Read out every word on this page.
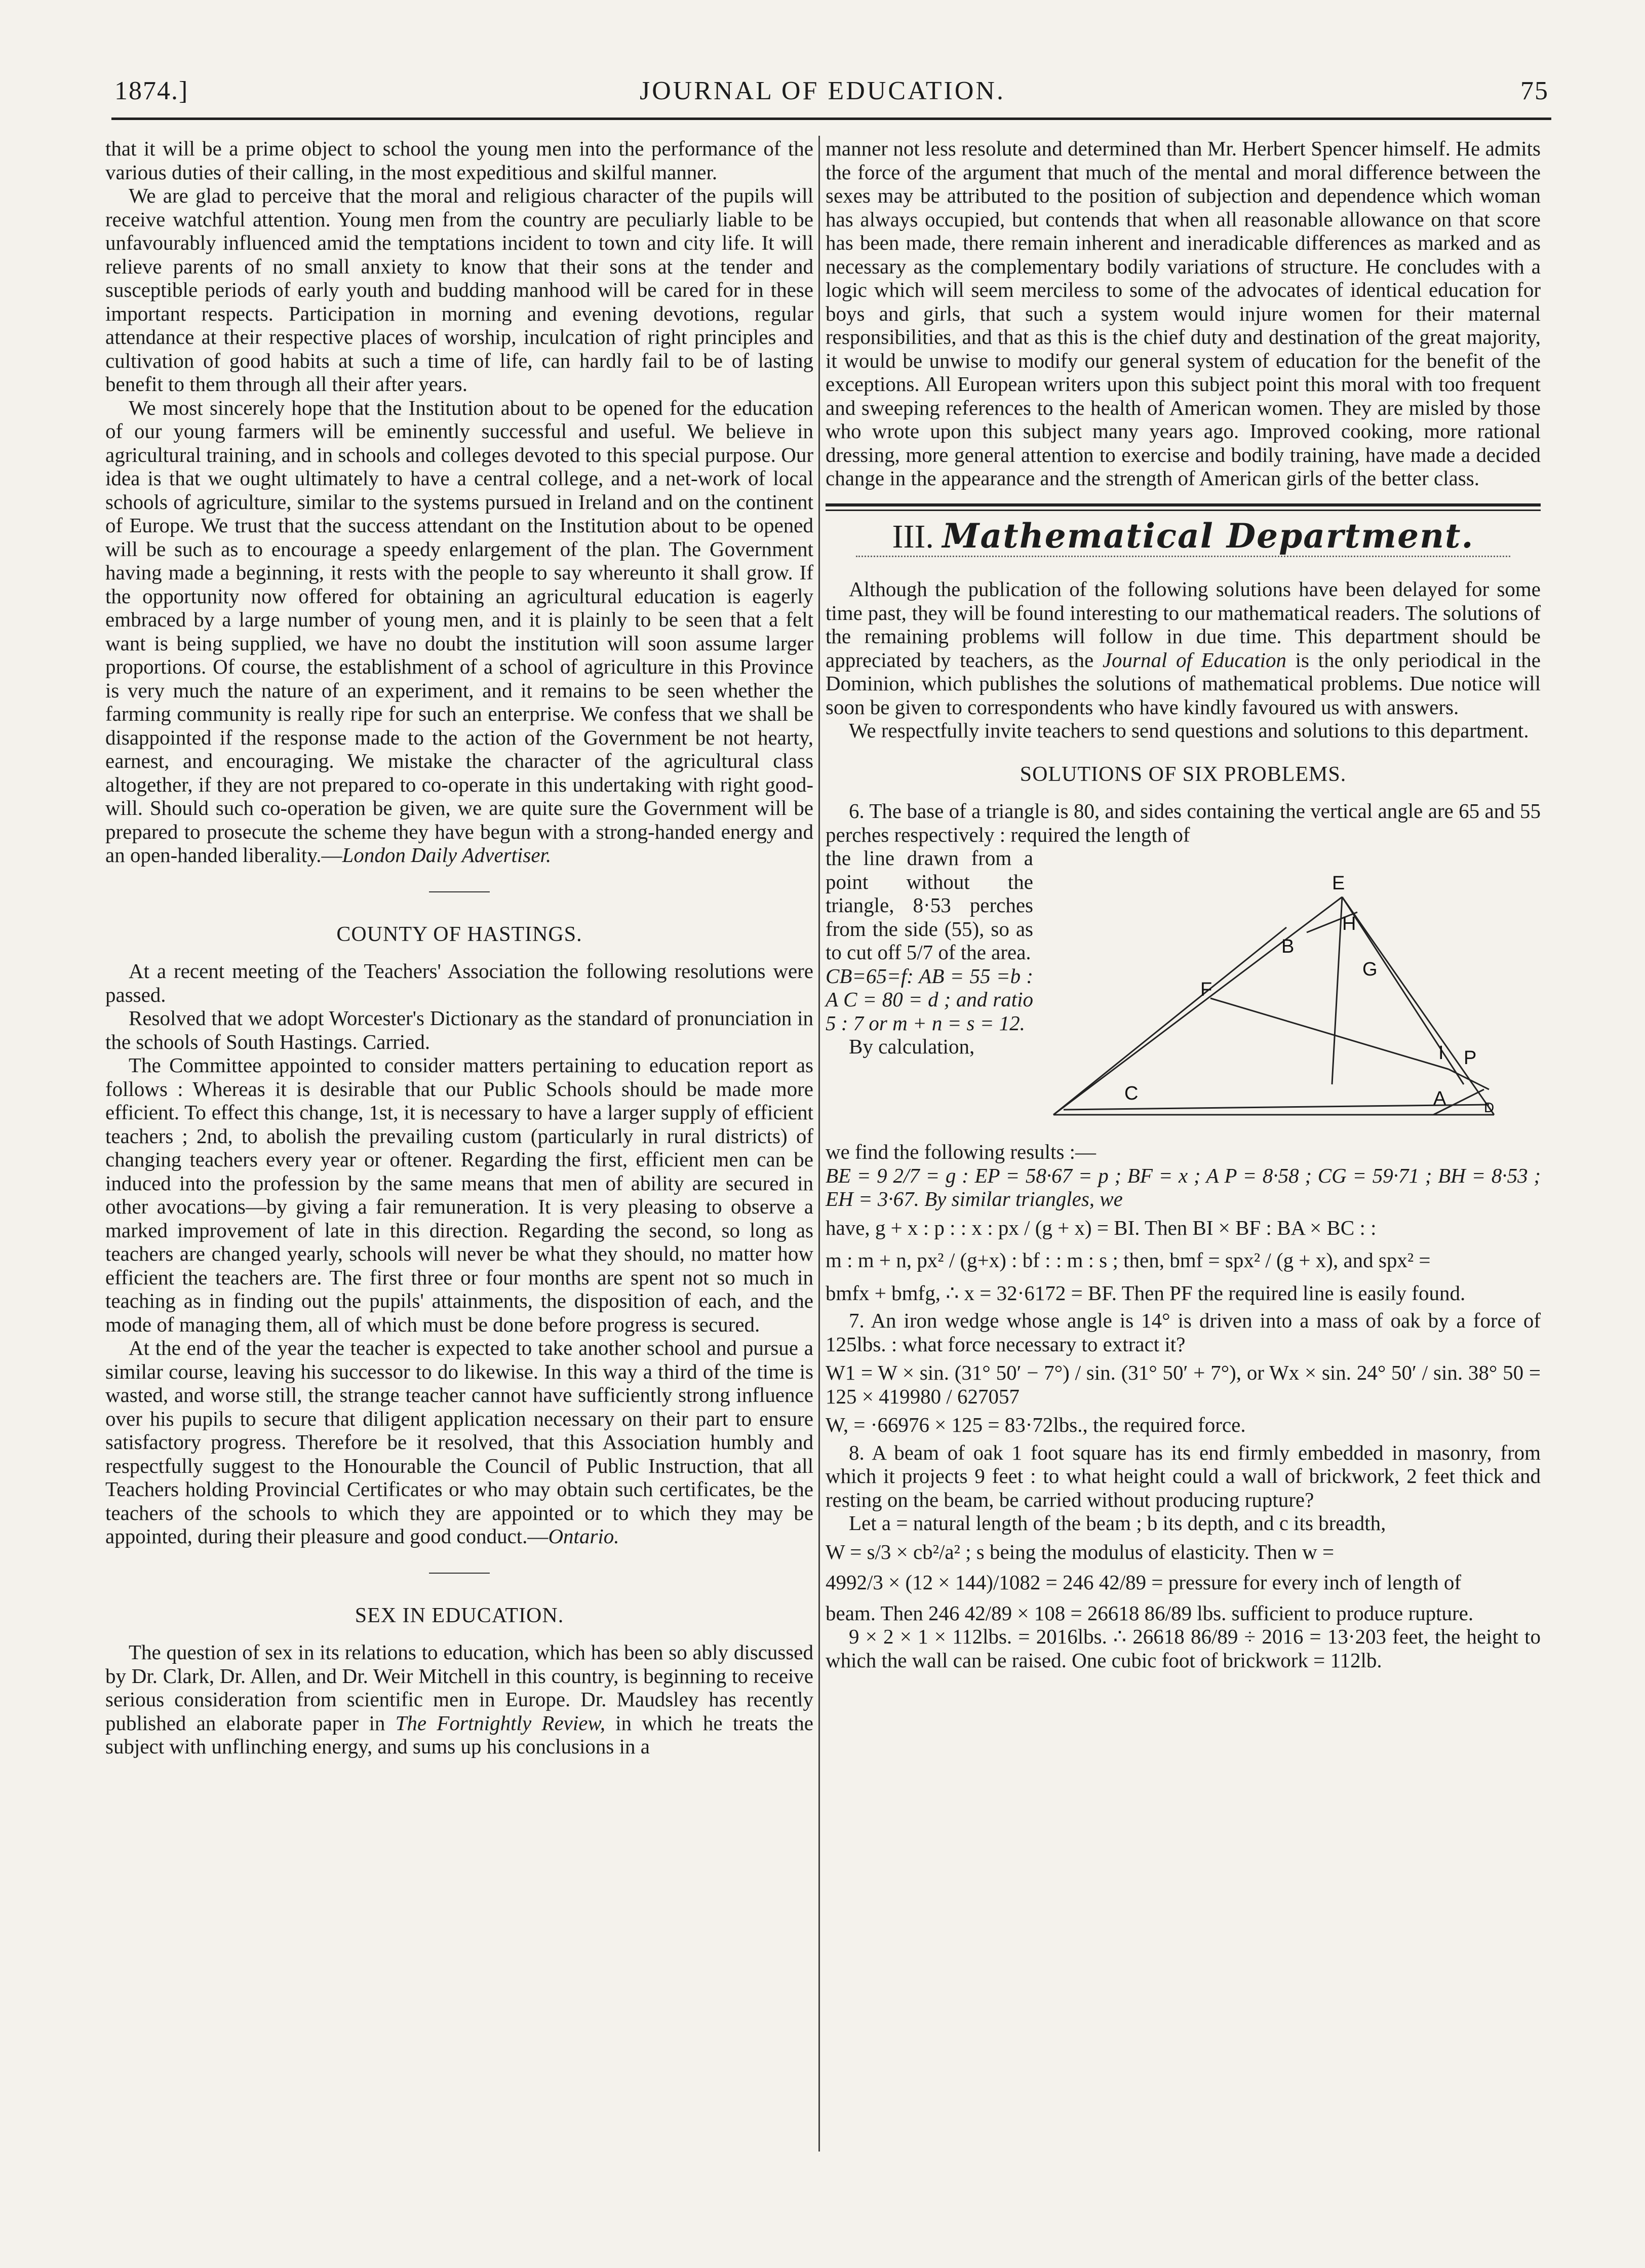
1874.]	JOURNAL OF EDUCATION.	75

that it will be a prime object to school the young men into the performance of the various duties of their calling, in the most expeditious and skilful manner.

We are glad to perceive that the moral and religious character of the pupils will receive watchful attention. Young men from the country are peculiarly liable to be unfavourably influenced amid the temptations incident to town and city life. It will relieve parents of no small anxiety to know that their sons at the tender and susceptible periods of early youth and budding manhood will be cared for in these important respects. Participation in morning and evening devotions, regular attendance at their respective places of worship, inculcation of right principles and cultivation of good habits at such a time of life, can hardly fail to be of lasting benefit to them through all their after years.

We most sincerely hope that the Institution about to be opened for the education of our young farmers will be eminently successful and useful. We believe in agricultural training, and in schools and colleges devoted to this special purpose. Our idea is that we ought ultimately to have a central college, and a net-work of local schools of agriculture, similar to the systems pursued in Ireland and on the continent of Europe. We trust that the success attendant on the Institution about to be opened will be such as to encourage a speedy enlargement of the plan. The Government having made a beginning, it rests with the people to say whereunto it shall grow. If the opportunity now offered for obtaining an agricultural education is eagerly embraced by a large number of young men, and it is plainly to be seen that a felt want is being supplied, we have no doubt the institution will soon assume larger proportions. Of course, the establishment of a school of agriculture in this Province is very much the nature of an experiment, and it remains to be seen whether the farming community is really ripe for such an enterprise. We confess that we shall be disappointed if the response made to the action of the Government be not hearty, earnest, and encouraging. We mistake the character of the agricultural class altogether, if they are not prepared to co-operate in this undertaking with right good-will. Should such co-operation be given, we are quite sure the Government will be prepared to prosecute the scheme they have begun with a strong-handed energy and an open-handed liberality.—London Daily Advertiser.

COUNTY OF HASTINGS.

At a recent meeting of the Teachers' Association the following resolutions were passed.

Resolved that we adopt Worcester's Dictionary as the standard of pronunciation in the schools of South Hastings. Carried.

The Committee appointed to consider matters pertaining to education report as follows : Whereas it is desirable that our Public Schools should be made more efficient. To effect this change, 1st, it is necessary to have a larger supply of efficient teachers ; 2nd, to abolish the prevailing custom (particularly in rural districts) of changing teachers every year or oftener. Regarding the first, efficient men can be induced into the profession by the same means that men of ability are secured in other avocations—by giving a fair remuneration. It is very pleasing to observe a marked improvement of late in this direction. Regarding the second, so long as teachers are changed yearly, schools will never be what they should, no matter how efficient the teachers are. The first three or four months are spent not so much in teaching as in finding out the pupils' attainments, the disposition of each, and the mode of managing them, all of which must be done before progress is secured.

At the end of the year the teacher is expected to take another school and pursue a similar course, leaving his successor to do likewise. In this way a third of the time is wasted, and worse still, the strange teacher cannot have sufficiently strong influence over his pupils to secure that diligent application necessary on their part to ensure satisfactory progress. Therefore be it resolved, that this Association humbly and respectfully suggest to the Honourable the Council of Public Instruction, that all Teachers holding Provincial Certificates or who may obtain such certificates, be the teachers of the schools to which they are appointed or to which they may be appointed, during their pleasure and good conduct.—Ontario.

SEX IN EDUCATION.

The question of sex in its relations to education, which has been so ably discussed by Dr. Clark, Dr. Allen, and Dr. Weir Mitchell in this country, is beginning to receive serious consideration from scientific men in Europe. Dr. Maudsley has recently published an elaborate paper in The Fortnightly Review, in which he treats the subject with unflinching energy, and sums up his conclusions in a

manner not less resolute and determined than Mr. Herbert Spencer himself. He admits the force of the argument that much of the mental and moral difference between the sexes may be attributed to the position of subjection and dependence which woman has always occupied, but contends that when all reasonable allowance on that score has been made, there remain inherent and ineradicable differences as marked and as necessary as the complementary bodily variations of structure. He concludes with a logic which will seem merciless to some of the advocates of identical education for boys and girls, that such a system would injure women for their maternal responsibilities, and that as this is the chief duty and destination of the great majority, it would be unwise to modify our general system of education for the benefit of the exceptions. All European writers upon this subject point this moral with too frequent and sweeping references to the health of American women. They are misled by those who wrote upon this subject many years ago. Improved cooking, more rational dressing, more general attention to exercise and bodily training, have made a decided change in the appearance and the strength of American girls of the better class.

III. Mathematical Department.

Although the publication of the following solutions have been delayed for some time past, they will be found interesting to our mathematical readers. The solutions of the remaining problems will follow in due time. This department should be appreciated by teachers, as the Journal of Education is the only periodical in the Dominion, which publishes the solutions of mathematical problems. Due notice will soon be given to correspondents who have kindly favoured us with answers.

We respectfully invite teachers to send questions and solutions to this department.

SOLUTIONS OF SIX PROBLEMS.

6. The base of a triangle is 80, and sides containing the vertical angle are 65 and 55 perches respectively : required the length of

the line drawn from a point without the triangle, 8·53 perches from the side (55), so as to cut off 5/7 of the area.

CB=65=f: AB = 55 =b : A C = 80 = d ; and ratio 5 : 7 or m + n = s = 12.

By calculation,

E
H
B
G
F
C
I P
A	D

we find the following results :—

BE = 9 2/7 = g : EP = 58·67 = p ; BF = x ; A P = 8·58 ; CG = 59·71 ; BH = 8·53 ; EH = 3·67. By similar triangles, we

have, g + x : p : : x : px / (g + x) = BI. Then BI × BF : BA × BC : :

m : m + n, px² / (g+x) : bf : : m : s ; then, bmf = spx² / (g + x), and spx² =

bmfx + bmfg, ∴ x = 32·6172 = BF. Then PF the required line is easily found.

7. An iron wedge whose angle is 14° is driven into a mass of oak by a force of 125lbs. : what force necessary to extract it?

W1 = W × sin. (31° 50′ − 7°) / sin. (31° 50′ + 7°), or Wx × sin. 24° 50′ / sin. 38° 50 = 125 × 419980 / 627057

W, = ·66976 × 125 = 83·72lbs., the required force.

8. A beam of oak 1 foot square has its end firmly embedded in masonry, from which it projects 9 feet : to what height could a wall of brickwork, 2 feet thick and resting on the beam, be carried without producing rupture?

Let a = natural length of the beam ; b its depth, and c its breadth,

W = s/3 × cb²/a² ; s being the modulus of elasticity. Then w =

4992/3 × (12 × 144)/1082 = 246 42/89 = pressure for every inch of length of

beam. Then 246 42/89 × 108 = 26618 86/89 lbs. sufficient to produce rupture.

9 × 2 × 1 × 112lbs. = 2016lbs. ∴ 26618 86/89 ÷ 2016 = 13·203 feet, the height to which the wall can be raised. One cubic foot of brickwork = 112lb.
